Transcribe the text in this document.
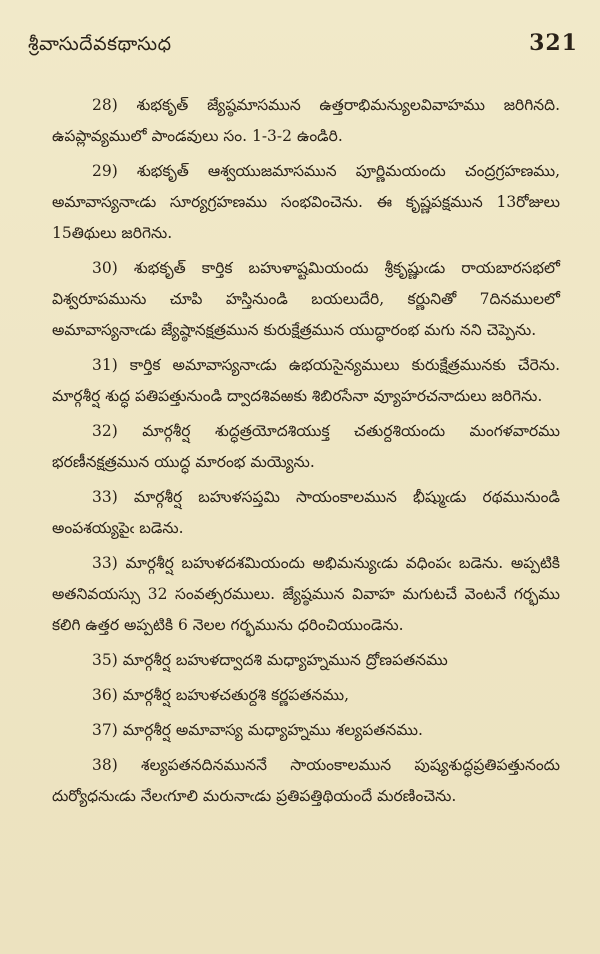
శ్రీవాసుదేవకథాసుధ	321

28) శుభకృత్ జ్యేష్ఠమాసమున ఉత్తరాభిమన్యులవివాహము జరిగినది. ఉపప్లావ్యములో పాండవులు సం. 1-3-2 ఉండిరి.

29) శుభకృత్ ఆశ్వయుజమాసమున పూర్ణిమయందు చంద్రగ్రహణము, అమావాస్యనాఁడు సూర్యగ్రహణము సంభవించెను. ఈ కృష్ణపక్షమున 13రోజులు 15తిథులు జరిగెను.

30) శుభకృత్ కార్తిక బహుళాష్టమియందు శ్రీకృష్ణుఁడు రాయబారసభలో విశ్వరూపమును చూపి హస్తినుండి బయలుదేరి, కర్ణునితో 7దినములలో అమావాస్యనాఁడు జ్యేష్ఠానక్షత్రమున కురుక్షేత్రమున యుద్ధారంభ మగు నని చెప్పెను.

31) కార్తిక అమావాస్యనాఁడు ఉభయసైన్యములు కురుక్షేత్రమునకు చేరెను. మార్గశీర్ష శుద్ధ పతిపత్తునుండి ద్వాదశివఱకు శిబిరసేనా వ్యూహరచనాదులు జరిగెను.

32) మార్గశీర్ష శుద్ధత్రయోదశియుక్త చతుర్దశియందు మంగళవారము భరణీనక్షత్రమున యుద్ధ మారంభ మయ్యెను.

33) మార్గశీర్ష బహుళసప్తమి సాయంకాలమున భీష్ముఁడు రథమునుండి అంపశయ్యపైఁ బడెను.

33) మార్గశీర్ష బహుళదశమియందు అభిమన్యుఁడు వధింపఁ బడెను. అప్పటికి అతనివయస్సు 32 సంవత్సరములు. జ్యేష్ఠమున వివాహ మగుటచే వెంటనే గర్భము కలిగి ఉత్తర అప్పటికి 6 నెలల గర్భమును ధరించియుండెను.

35) మార్గశీర్ష బహుళద్వాదశి మధ్యాహ్నమున ద్రోణపతనము

36) మార్గశీర్ష బహుళచతుర్దశి కర్ణపతనము,

37) మార్గశీర్ష అమావాస్య మధ్యాహ్నము శల్యపతనము.

38) శల్యపతనదినముననే సాయంకాలమున పుష్యశుద్ధప్రతిపత్తునందు దుర్యోధనుఁడు నేలఁగూలి మరునాఁడు ప్రతిపత్తిథియందే మరణించెను.
